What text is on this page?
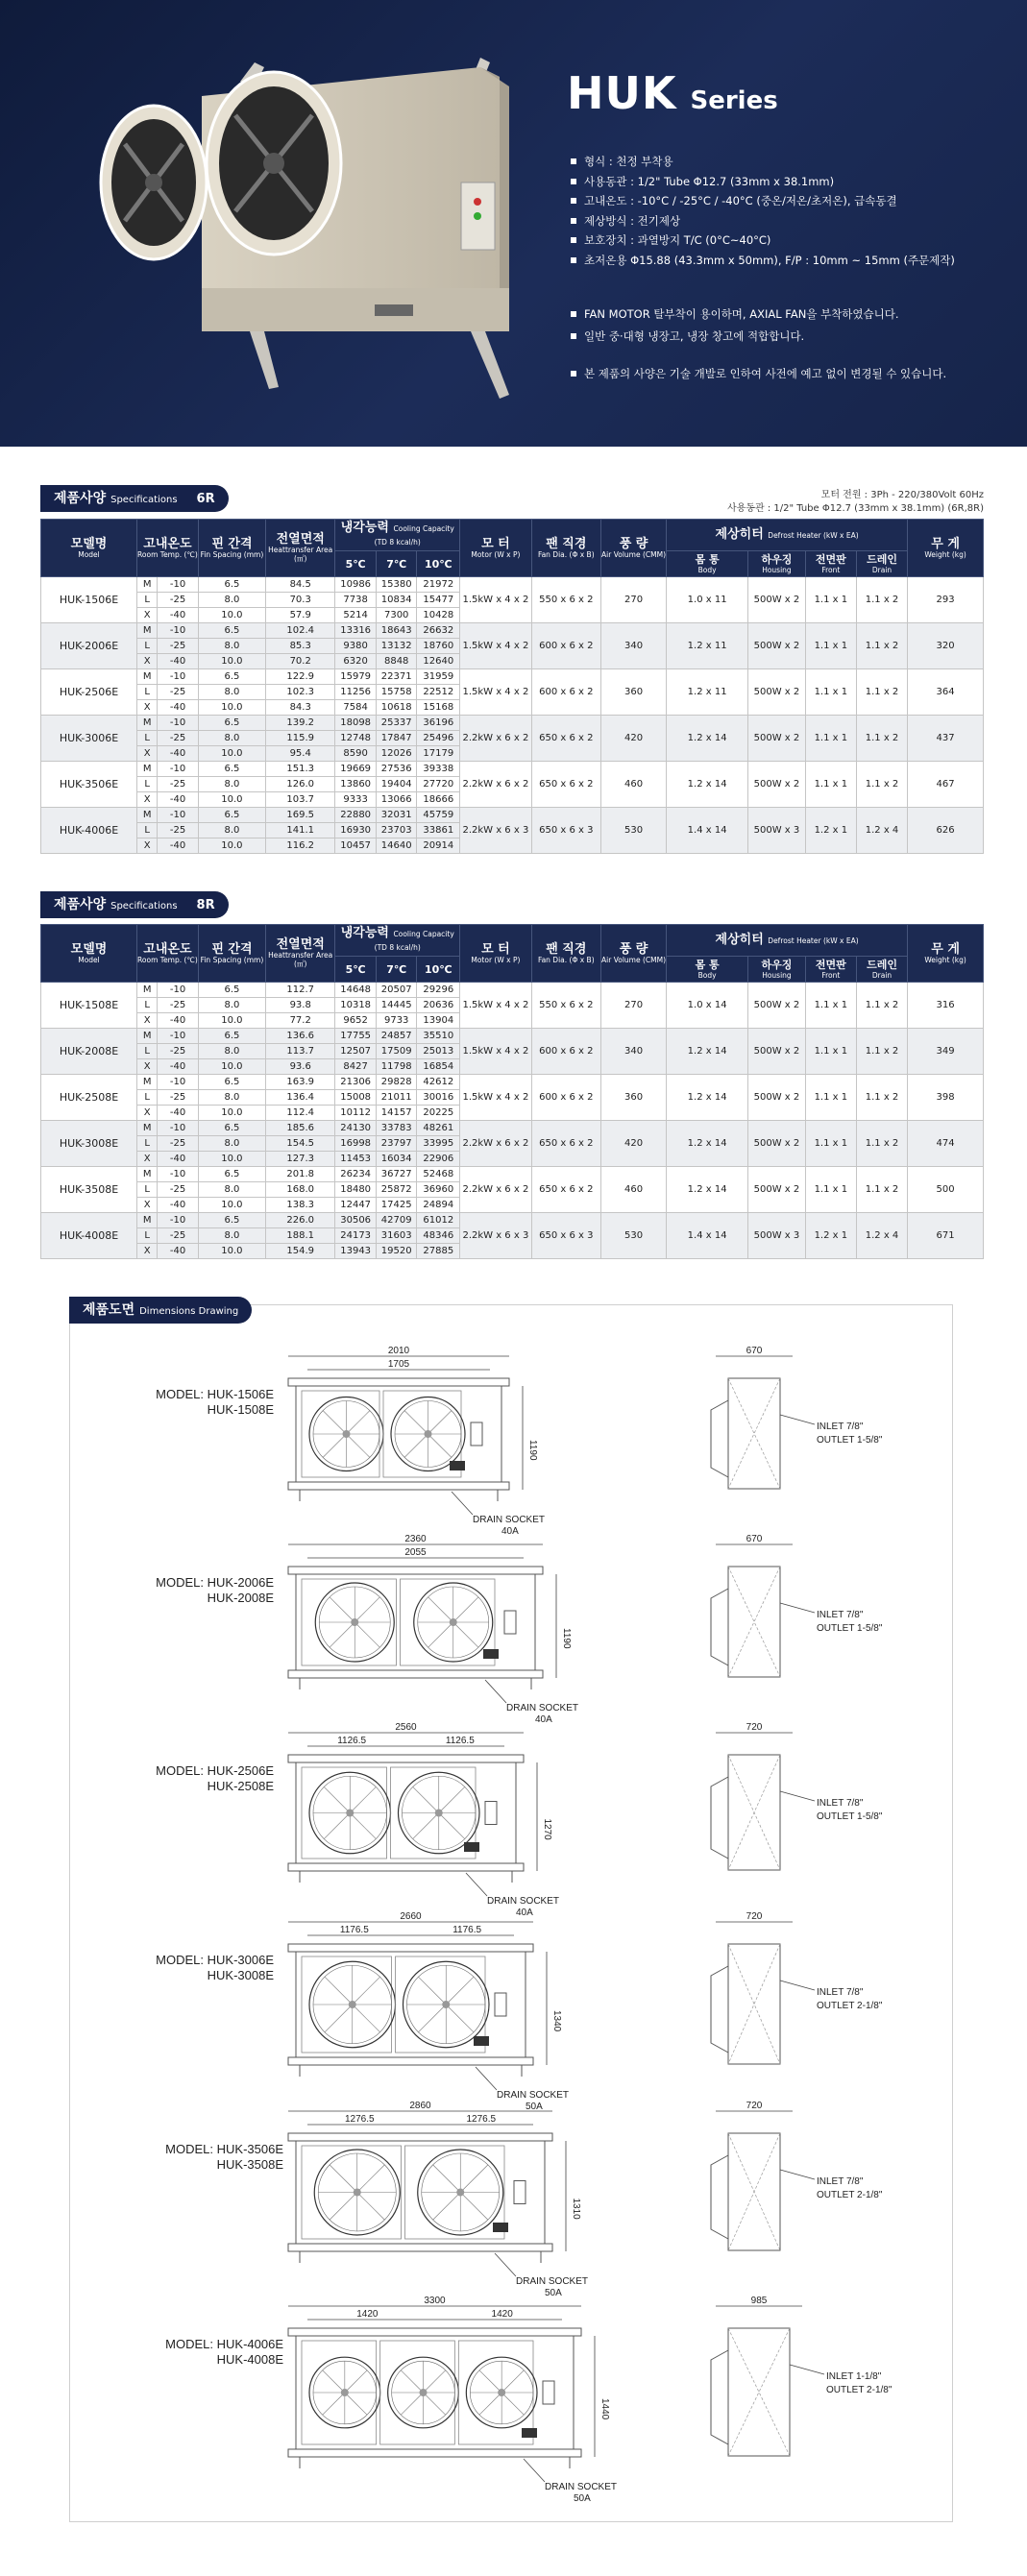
HUK Series
형식 : 천정 부착용
사용동관 : 1/2" Tube Φ12.7 (33mm x 38.1mm)
고내온도 : -10°C / -25°C / -40°C (중온/저온/초저온), 급속동결
제상방식 : 전기제상
보호장치 : 과열방지 T/C (0°C~40°C)
초저온용 Φ15.88 (43.3mm x 50mm), F/P : 10mm ~ 15mm (주문제작)
FAN MOTOR 탈부착이 용이하며, AXIAL FAN을 부착하였습니다.
일반 중·대형 냉장고, 냉장 창고에 적합합니다.
본 제품의 사양은 기술 개발로 인하여 사전에 예고 없이 변경될 수 있습니다.
제품사양 Specifications 6R	모터 전원 : 3Ph - 220/380Volt 60Hz
사용동관 : 1/2" Tube Φ12.7 (33mm x 38.1mm) (6R,8R)
모델명
Model	고내온도
Room Temp. (℃)		핀 간격
Fin Spacing (mm)	전열면적
Heattransfer Area (㎡)	냉각능력 Cooling Capacity (TD 8 kcal/h)			모 터
Motor (W x P)	팬 직경
Fan Dia. (Φ x B)	풍 량
Air Volume (CMM)	제상히터 Defrost Heater (kW x EA)				무 게
Weight (kg)

					5℃	7℃	10℃				몸 통
Body	하우징
Housing	전면판
Front	드레인
Drain	

HUK-1506E	M	-10	6.5	84.5	10986	15380	21972	1.5kW x 4 x 2	550 x 6 x 2	270	1.0 x 11	500W x 2	1.1 x 1	1.1 x 2	293
	L	-25	8.0	70.3	7738	10834	15477								
	X	-40	10.0	57.9	5214	7300	10428								
HUK-2006E	M	-10	6.5	102.4	13316	18643	26632	1.5kW x 4 x 2	600 x 6 x 2	340	1.2 x 11	500W x 2	1.1 x 1	1.1 x 2	320
	L	-25	8.0	85.3	9380	13132	18760								
	X	-40	10.0	70.2	6320	8848	12640								
HUK-2506E	M	-10	6.5	122.9	15979	22371	31959	1.5kW x 4 x 2	600 x 6 x 2	360	1.2 x 11	500W x 2	1.1 x 1	1.1 x 2	364
	L	-25	8.0	102.3	11256	15758	22512								
	X	-40	10.0	84.3	7584	10618	15168								
HUK-3006E	M	-10	6.5	139.2	18098	25337	36196	2.2kW x 6 x 2	650 x 6 x 2	420	1.2 x 14	500W x 2	1.1 x 1	1.1 x 2	437
	L	-25	8.0	115.9	12748	17847	25496								
	X	-40	10.0	95.4	8590	12026	17179								
HUK-3506E	M	-10	6.5	151.3	19669	27536	39338	2.2kW x 6 x 2	650 x 6 x 2	460	1.2 x 14	500W x 2	1.1 x 1	1.1 x 2	467
	L	-25	8.0	126.0	13860	19404	27720								
	X	-40	10.0	103.7	9333	13066	18666								
HUK-4006E	M	-10	6.5	169.5	22880	32031	45759	2.2kW x 6 x 3	650 x 6 x 3	530	1.4 x 14	500W x 3	1.2 x 1	1.2 x 4	626
	L	-25	8.0	141.1	16930	23703	33861								
	X	-40	10.0	116.2	10457	14640	20914								
제품사양 Specifications 8R
모델명
Model	고내온도
Room Temp. (℃)		핀 간격
Fin Spacing (mm)	전열면적
Heattransfer Area (㎡)	냉각능력 Cooling Capacity (TD 8 kcal/h)			모 터
Motor (W x P)	팬 직경
Fan Dia. (Φ x B)	풍 량
Air Volume (CMM)	제상히터 Defrost Heater (kW x EA)				무 게
Weight (kg)

					5℃	7℃	10℃				몸 통
Body	하우징
Housing	전면판
Front	드레인
Drain	

HUK-1508E	M	-10	6.5	112.7	14648	20507	29296	1.5kW x 4 x 2	550 x 6 x 2	270	1.0 x 14	500W x 2	1.1 x 1	1.1 x 2	316
	L	-25	8.0	93.8	10318	14445	20636								
	X	-40	10.0	77.2	9652	9733	13904								
HUK-2008E	M	-10	6.5	136.6	17755	24857	35510	1.5kW x 4 x 2	600 x 6 x 2	340	1.2 x 14	500W x 2	1.1 x 1	1.1 x 2	349
	L	-25	8.0	113.7	12507	17509	25013								
	X	-40	10.0	93.6	8427	11798	16854								
HUK-2508E	M	-10	6.5	163.9	21306	29828	42612	1.5kW x 4 x 2	600 x 6 x 2	360	1.2 x 14	500W x 2	1.1 x 1	1.1 x 2	398
	L	-25	8.0	136.4	15008	21011	30016								
	X	-40	10.0	112.4	10112	14157	20225								
HUK-3008E	M	-10	6.5	185.6	24130	33783	48261	2.2kW x 6 x 2	650 x 6 x 2	420	1.2 x 14	500W x 2	1.1 x 1	1.1 x 2	474
	L	-25	8.0	154.5	16998	23797	33995								
	X	-40	10.0	127.3	11453	16034	22906								
HUK-3508E	M	-10	6.5	201.8	26234	36727	52468	2.2kW x 6 x 2	650 x 6 x 2	460	1.2 x 14	500W x 2	1.1 x 1	1.1 x 2	500
	L	-25	8.0	168.0	18480	25872	36960								
	X	-40	10.0	138.3	12447	17425	24894								
HUK-4008E	M	-10	6.5	226.0	30506	42709	61012	2.2kW x 6 x 3	650 x 6 x 3	530	1.4 x 14	500W x 3	1.2 x 1	1.2 x 4	671
	L	-25	8.0	188.1	24173	31603	48346								
	X	-40	10.0	154.9	13943	19520	27885								
제품도면 Dimensions Drawing
MODEL: HUK-1506E
HUK-1508E
2010
1705
1190
DRAIN SOCKET
40A
670
INLET 7/8"
OUTLET 1-5/8"
MODEL: HUK-2006E
HUK-2008E
2360
2055
1190
DRAIN SOCKET
40A
670
INLET 7/8"
OUTLET 1-5/8"
MODEL: HUK-2506E
HUK-2508E
2560
1126.5	1126.5
1270
DRAIN SOCKET
40A
720
INLET 7/8"
OUTLET 1-5/8"
MODEL: HUK-3006E
HUK-3008E
2660
1176.5	1176.5
1340
DRAIN SOCKET
50A
720
INLET 7/8"
OUTLET 2-1/8"
MODEL: HUK-3506E
HUK-3508E
2860
1276.5	1276.5
1310
DRAIN SOCKET
50A
720
INLET 7/8"
OUTLET 2-1/8"
MODEL: HUK-4006E
HUK-4008E
3300
1420	1420
1440
DRAIN SOCKET
50A
985
INLET 1-1/8"
OUTLET 2-1/8"
